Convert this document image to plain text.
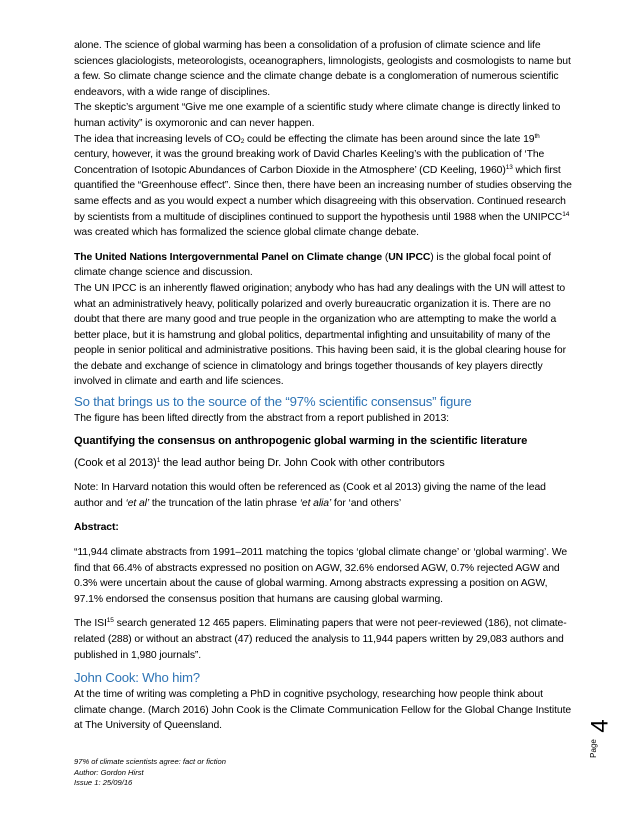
alone. The science of global warming has been a consolidation of a profusion of climate science and life sciences glaciologists, meteorologists, oceanographers, limnologists, geologists and cosmologists to name but a few. So climate change science and the climate change debate is a conglomeration of numerous scientific endeavors, with a wide range of disciplines.

The skeptic’s argument “Give me one example of a scientific study where climate change is directly linked to human activity” is oxymoronic and can never happen.

The idea that increasing levels of $CO_2$ could be effecting the climate has been around since the late 19th century, however, it was the ground breaking work of David Charles Keeling’s with the publication of ‘The Concentration of Isotopic Abundances of Carbon Dioxide in the Atmosphere’ (CD Keeling, 1960)$^{13}$ which first quantified the “Greenhouse effect”. Since then, there have been an increasing number of studies observing the same effects and as you would expect a number which disagreeing with this observation. Continued research by scientists from a multitude of disciplines continued to support the hypothesis until 1988 when the UNIPCC$^{14}$ was created which has formalized the science global climate change debate.

The United Nations Intergovernmental Panel on Climate change (UN IPCC) is the global focal point of climate change science and discussion.

The UN IPCC is an inherently flawed origination; anybody who has had any dealings with the UN will attest to what an administratively heavy, politically polarized and overly bureaucratic organization it is. There are no doubt that there are many good and true people in the organization who are attempting to make the world a better place, but it is hamstrung and global politics, departmental infighting and unsuitability of many of the people in senior political and administrative positions. This having been said, it is the global clearing house for the debate and exchange of science in climatology and brings together thousands of key players directly involved in climate and earth and life sciences.

So that brings us to the source of the “97% scientific consensus” figure

The figure has been lifted directly from the abstract from a report published in 2013:

Quantifying the consensus on anthropogenic global warming in the scientific literature

(Cook et al 2013)$^1$ the lead author being Dr. John Cook with other contributors

Note: In Harvard notation this would often be referenced as (Cook et al 2013) giving the name of the lead author and ‘et al’ the truncation of the latin phrase ‘et alia’ for ‘and others’

Abstract:

“11,944 climate abstracts from 1991–2011 matching the topics ‘global climate change’ or ‘global warming’. We find that 66.4% of abstracts expressed no position on AGW, 32.6% endorsed AGW, 0.7% rejected AGW and 0.3% were uncertain about the cause of global warming. Among abstracts expressing a position on AGW, 97.1% endorsed the consensus position that humans are causing global warming.

The ISI$^{15}$ search generated 12 465 papers. Eliminating papers that were not peer-reviewed (186), not climate-related (288) or without an abstract (47) reduced the analysis to 11,944 papers written by 29,083 authors and published in 1,980 journals”.

John Cook: Who him?

At the time of writing was completing a PhD in cognitive psychology, researching how people think about climate change. (March 2016) John Cook is the Climate Communication Fellow for the Global Change Institute at The University of Queensland.

Page
4
97% of climate scientists agree: fact or fiction
Author: Gordon Hirst
Issue 1: 25/09/16
